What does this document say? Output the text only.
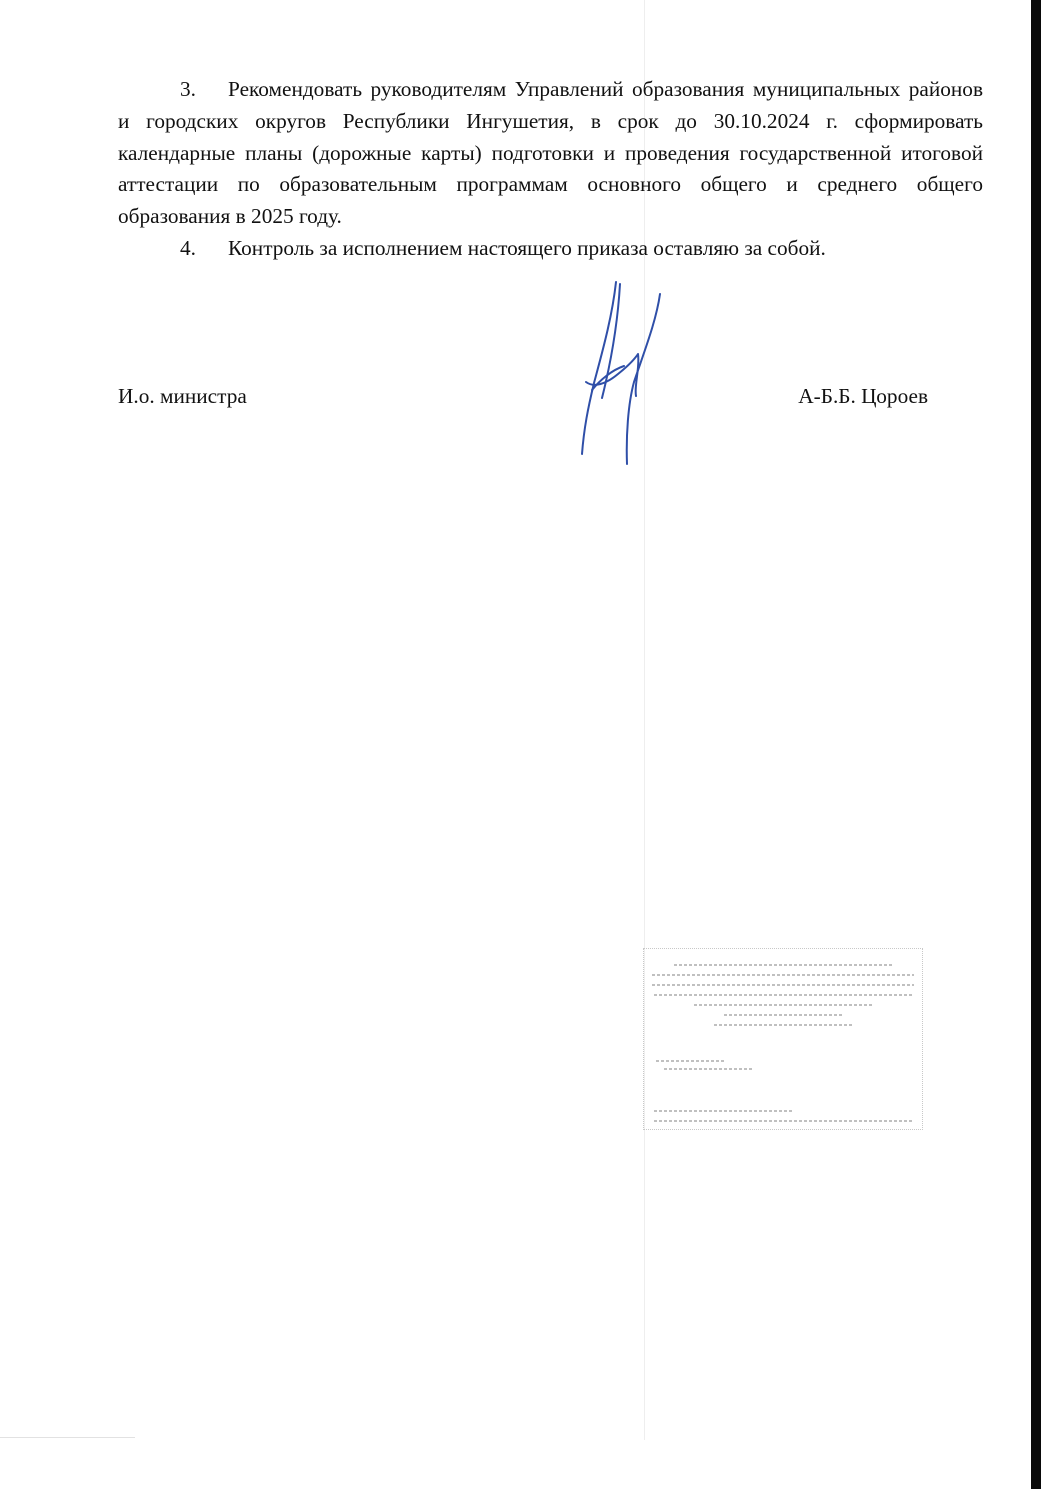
3. Рекомендовать руководителям Управлений образования муниципальных районов и городских округов Республики Ингушетия, в срок до 30.10.2024 г. сформировать календарные планы (дорожные карты) подготовки и проведения государственной итоговой аттестации по образовательным программам основного общего и среднего общего образования в 2025 году.

4. Контроль за исполнением настоящего приказа оставляю за собой.

И.о. министра	А-Б.Б. Цороев
